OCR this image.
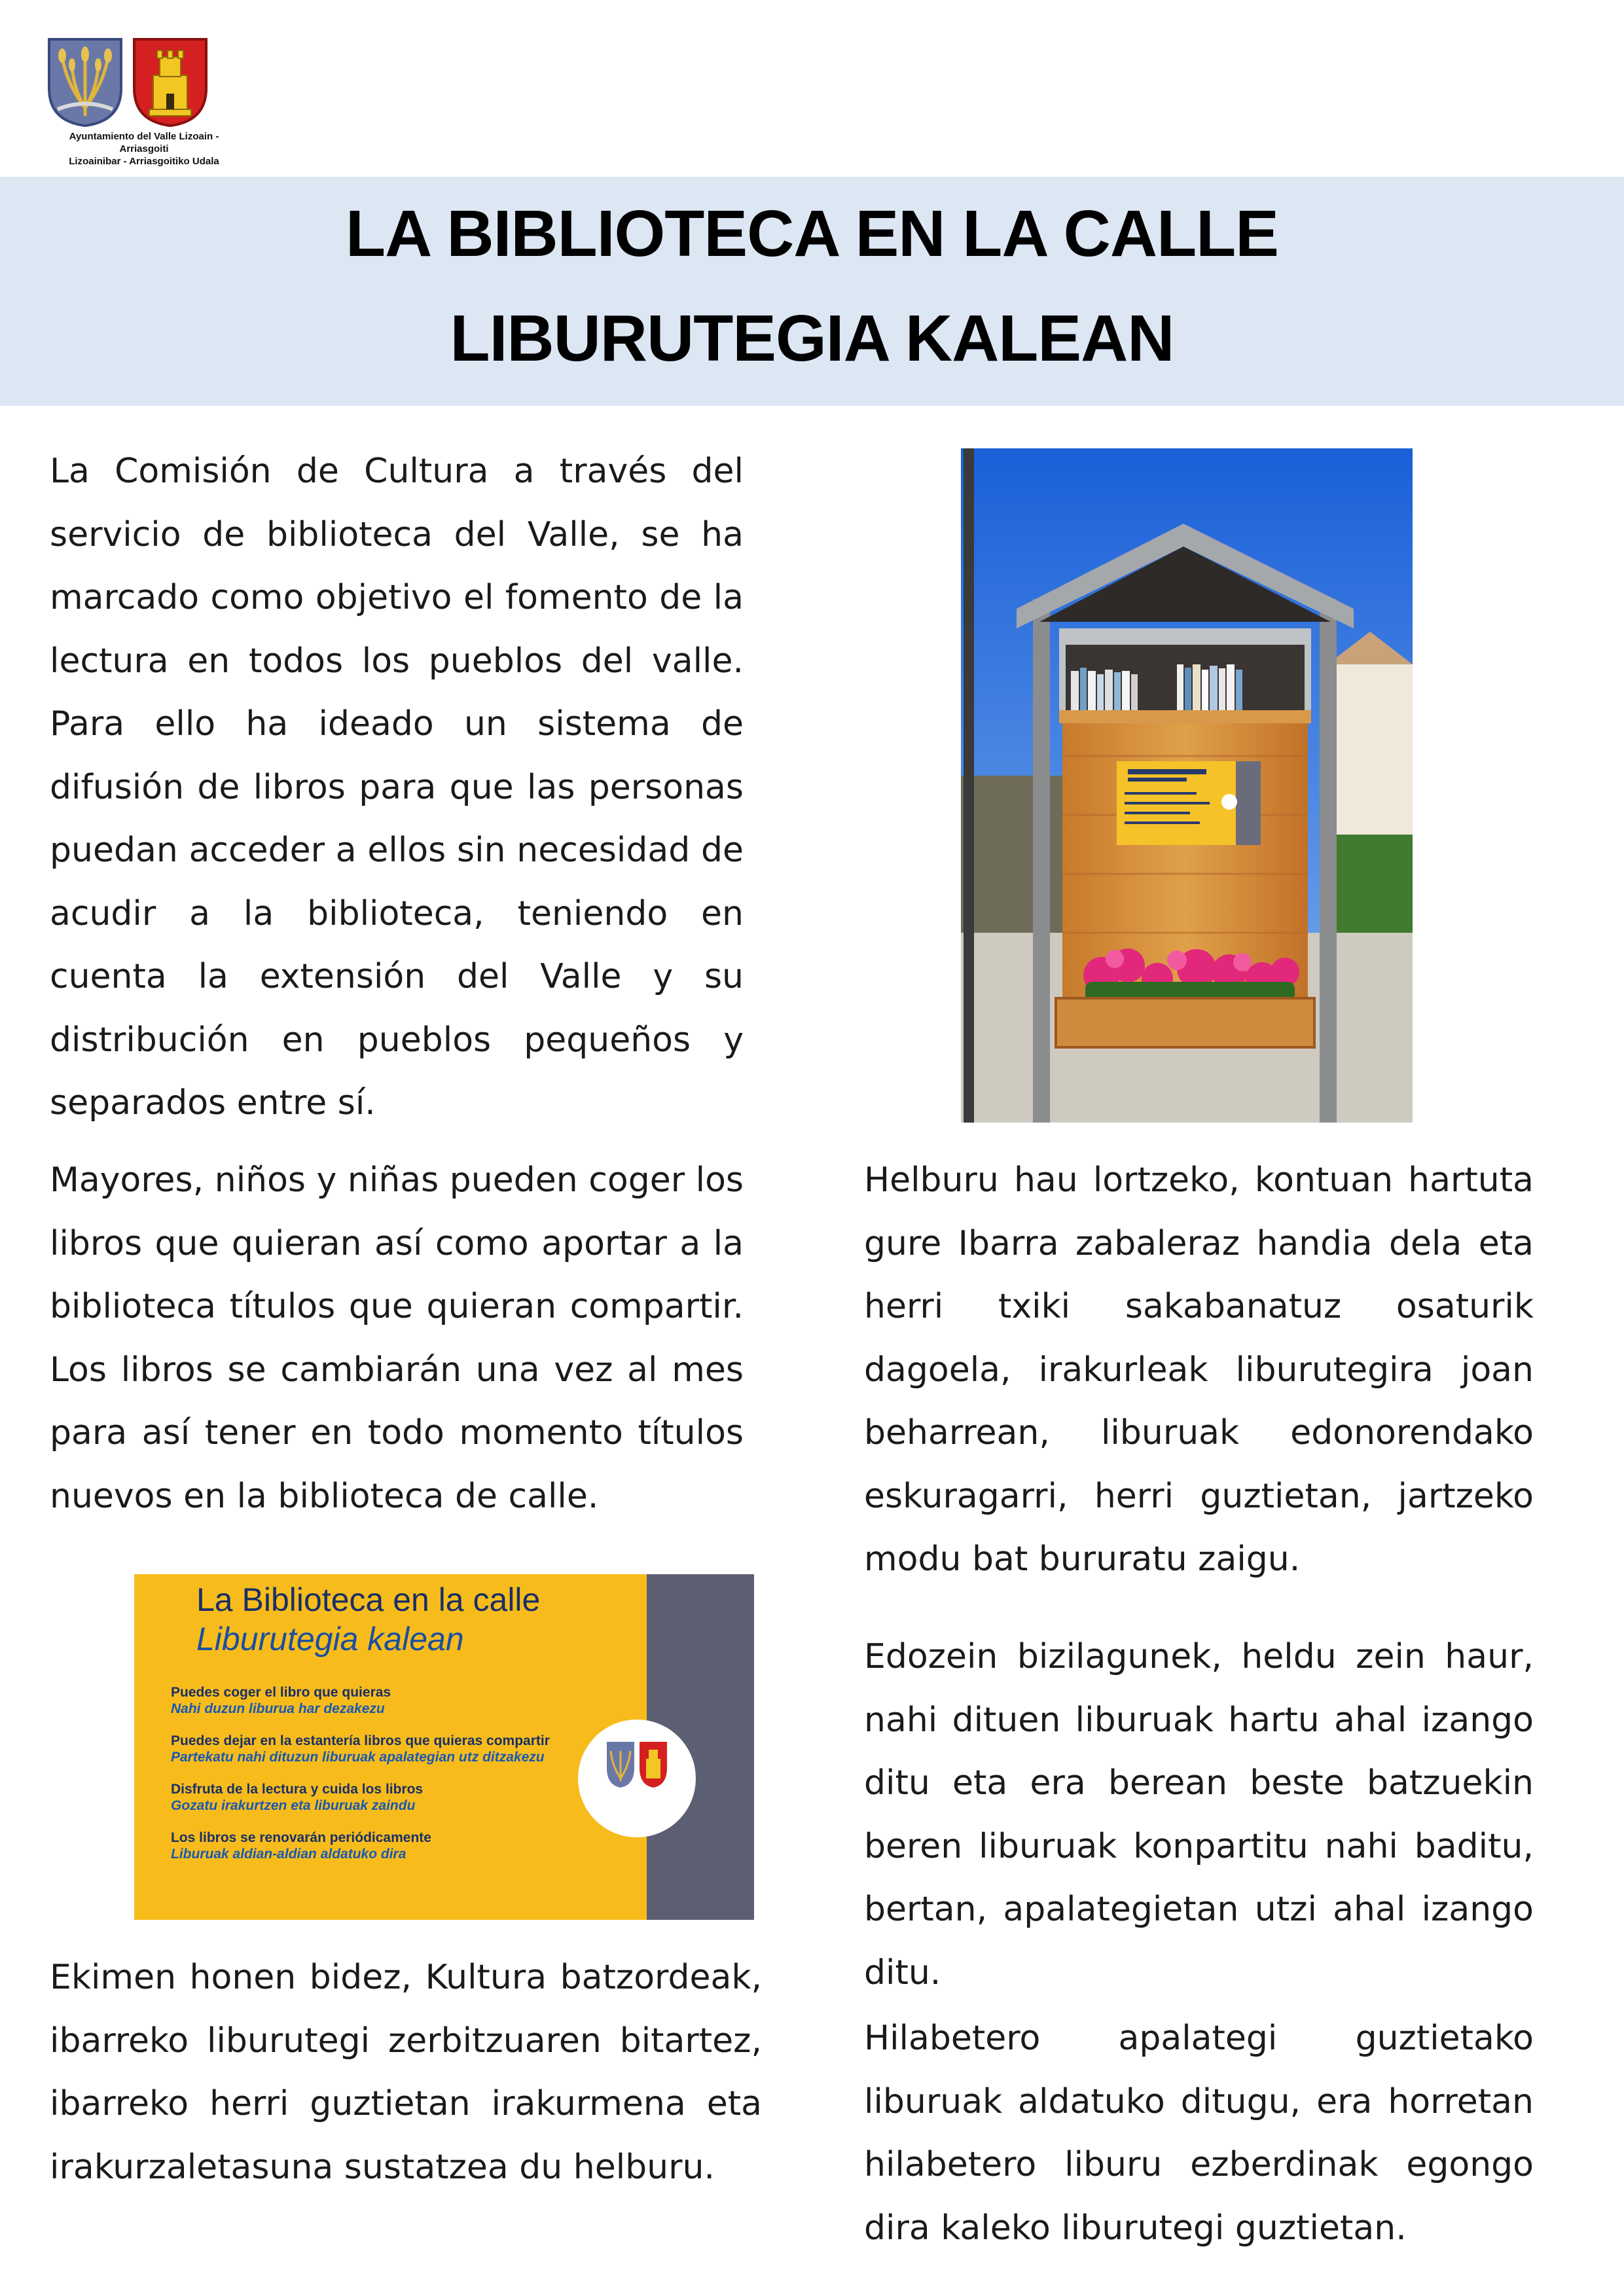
Ayuntamiento del Valle Lizoain - Arriasgoiti
Lizoainibar - Arriasgoitiko Udala
LA BIBLIOTECA EN LA CALLE
LIBURUTEGIA KALEAN

La Comisión de Cultura a través del servicio de biblioteca del Valle, se ha marcado como objetivo el fomento de la lectura en todos los pueblos del valle. Para ello ha ideado un sistema de difusión de libros para que las personas puedan acceder a ellos sin necesidad de acudir a la biblioteca, teniendo en cuenta la extensión del Valle y su distribución en pueblos pequeños y separados entre sí.

Mayores, niños y niñas pueden coger los libros que quieran así como aportar a la biblioteca títulos que quieran compartir. Los libros se cambiarán una vez al mes para así tener en todo momento títulos nuevos en la biblioteca de calle.

Ekimen honen bidez, Kultura batzordeak, ibarreko liburutegi zerbitzuaren bitartez, ibarreko herri guztietan irakurmena eta irakurzaletasuna sustatzea du helburu.

Helburu hau lortzeko, kontuan hartuta gure Ibarra zabaleraz handia dela eta herri txiki sakabanatuz osaturik dagoela, irakurleak liburutegira joan beharrean, liburuak edonorendako eskuragarri, herri guztietan, jartzeko modu bat bururatu zaigu.

Edozein bizilagunek, heldu zein haur, nahi dituen liburuak hartu ahal izango ditu eta era berean beste batzuekin beren liburuak konpartitu nahi baditu, bertan, apalategietan utzi ahal izango ditu.

Hilabetero apalategi guztietako liburuak aldatuko ditugu, era horretan hilabetero liburu ezberdinak egongo dira kaleko liburutegi guztietan.

La Biblioteca en la calle
Liburutegia kalean
Puedes coger el libro que quieras
Nahi duzun liburua har dezakezu
Puedes dejar en la estantería libros que quieras compartir
Partekatu nahi dituzun liburuak apalategian utz ditzakezu
Disfruta de la lectura y cuida los libros
Gozatu irakurtzen eta liburuak zaindu
Los libros se renovarán periódicamente
Liburuak aldian-aldian aldatuko dira
